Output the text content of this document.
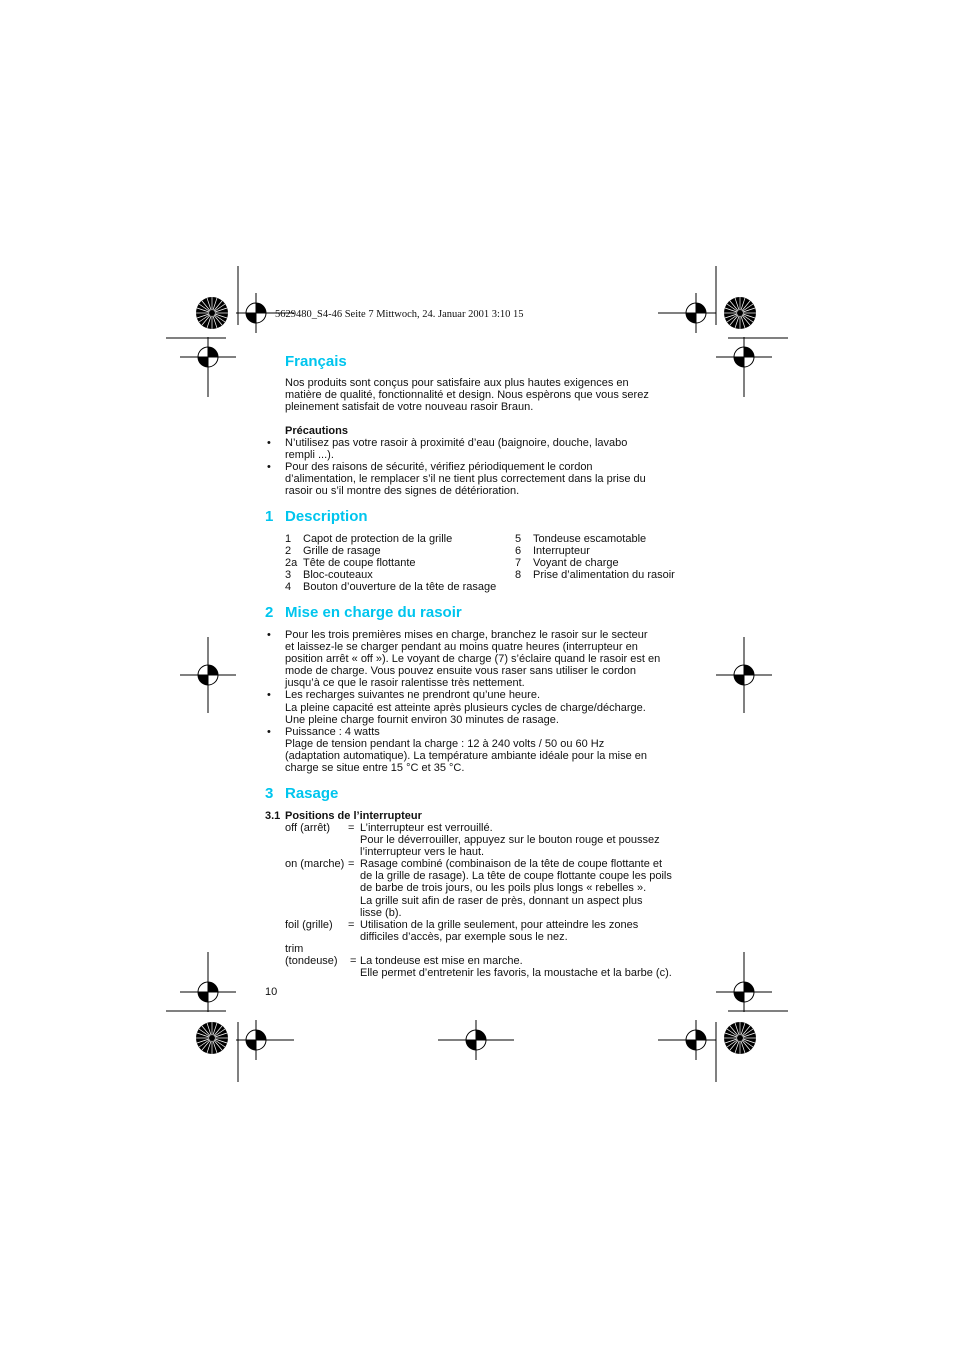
5629480_S4-46 Seite 7 Mittwoch, 24. Januar 2001 3:10 15
Français
Nos produits sont conçus pour satisfaire aux plus hautes exigences en
matière de qualité, fonctionnalité et design. Nous espèrons que vous serez
pleinement satisfait de votre nouveau rasoir Braun.
Précautions
• N’utilisez pas votre rasoir à proximité d’eau (baignoire, douche, lavabo
rempli ...).
• Pour des raisons de sécurité, vérifiez périodiquement le cordon
d’alimentation, le remplacer s’il ne tient plus correctement dans la prise du
rasoir ou s’il montre des signes de détérioration.
1 Description
1 Capot de protection de la grille
2 Grille de rasage
2a Tête de coupe flottante
3 Bloc-couteaux
4 Bouton d’ouverture de la tête de rasage
5 Tondeuse escamotable
6 Interrupteur
7 Voyant de charge
8 Prise d’alimentation du rasoir
2 Mise en charge du rasoir
• Pour les trois premières mises en charge, branchez le rasoir sur le secteur
et laissez-le se charger pendant au moins quatre heures (interrupteur en
position arrêt « off »). Le voyant de charge (7) s’éclaire quand le rasoir est en
mode de charge. Vous pouvez ensuite vous raser sans utiliser le cordon
jusqu’à ce que le rasoir ralentisse très nettement.
• Les recharges suivantes ne prendront qu’une heure.
La pleine capacité est atteinte après plusieurs cycles de charge/décharge.
Une pleine charge fournit environ 30 minutes de rasage.
• Puissance : 4 watts
Plage de tension pendant la charge : 12 à 240 volts / 50 ou 60 Hz
(adaptation automatique). La température ambiante idéale pour la mise en
charge se situe entre 15 °C et 35 °C.
3 Rasage
3.1 Positions de l’interrupteur
off (arrêt) = L’interrupteur est verrouillé.
Pour le déverrouiller, appuyez sur le bouton rouge et poussez
l’interrupteur vers le haut.
on (marche) = Rasage combiné (combinaison de la tête de coupe flottante et
de la grille de rasage). La tête de coupe flottante coupe les poils
de barbe de trois jours, ou les poils plus longs « rebelles ».
La grille suit afin de raser de près, donnant un aspect plus
lisse (b).
foil (grille) = Utilisation de la grille seulement, pour atteindre les zones
difficiles d’accès, par exemple sous le nez.
trim
(tondeuse) = La tondeuse est mise en marche.
Elle permet d’entretenir les favoris, la moustache et la barbe (c).
10
